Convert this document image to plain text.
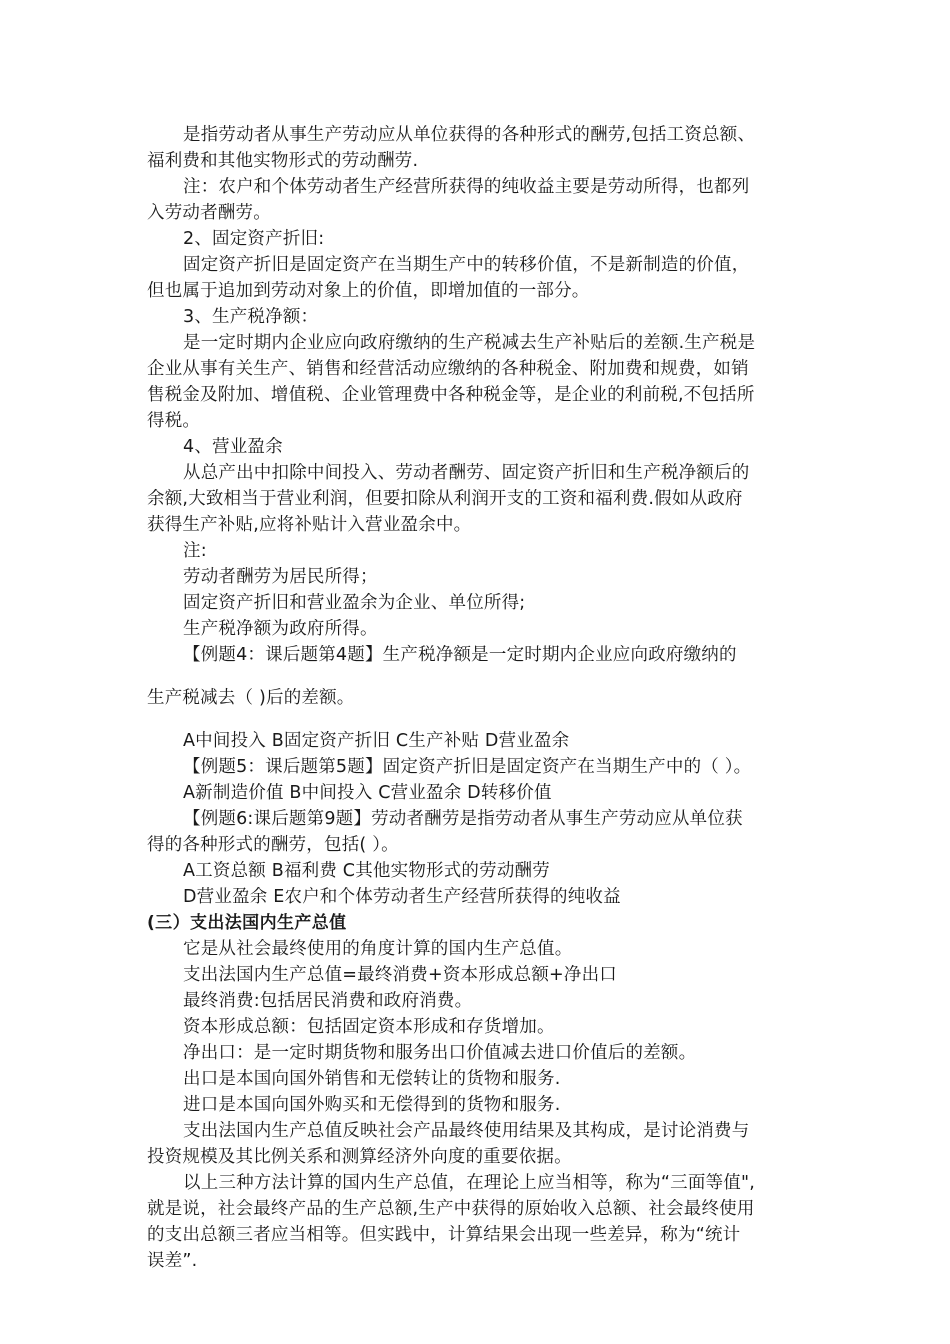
是指劳动者从事生产劳动应从单位获得的各种形式的酬劳,包括工资总额、
福利费和其他实物形式的劳动酬劳.
注：农户和个体劳动者生产经营所获得的纯收益主要是劳动所得，也都列
入劳动者酬劳。
2、固定资产折旧:
固定资产折旧是固定资产在当期生产中的转移价值，不是新制造的价值，
但也属于追加到劳动对象上的价值，即增加值的一部分。
3、生产税净额：
是一定时期内企业应向政府缴纳的生产税减去生产补贴后的差额.生产税是
企业从事有关生产、销售和经营活动应缴纳的各种税金、附加费和规费，如销
售税金及附加、增值税、企业管理费中各种税金等，是企业的利前税,不包括所
得税。
4、营业盈余
从总产出中扣除中间投入、劳动者酬劳、固定资产折旧和生产税净额后的
余额,大致相当于营业利润，但要扣除从利润开支的工资和福利费.假如从政府
获得生产补贴,应将补贴计入营业盈余中。
注:
劳动者酬劳为居民所得；
固定资产折旧和营业盈余为企业、单位所得;
生产税净额为政府所得。
【例题4：课后题第4题】生产税净额是一定时期内企业应向政府缴纳的
生产税减去（ )后的差额。
A中间投入 B固定资产折旧 C生产补贴 D营业盈余
【例题5：课后题第5题】固定资产折旧是固定资产在当期生产中的（ ）。
A新制造价值 B中间投入 C营业盈余 D转移价值
【例题6:课后题第9题】劳动者酬劳是指劳动者从事生产劳动应从单位获
得的各种形式的酬劳，包括( ）。
A工资总额 B福利费 C其他实物形式的劳动酬劳
D营业盈余 E农户和个体劳动者生产经营所获得的纯收益
(三）支出法国内生产总值
它是从社会最终使用的角度计算的国内生产总值。
支出法国内生产总值=最终消费+资本形成总额+净出口
最终消费:包括居民消费和政府消费。
资本形成总额：包括固定资本形成和存货增加。
净出口：是一定时期货物和服务出口价值减去进口价值后的差额。
出口是本国向国外销售和无偿转让的货物和服务.
进口是本国向国外购买和无偿得到的货物和服务.
支出法国内生产总值反映社会产品最终使用结果及其构成，是讨论消费与
投资规模及其比例关系和测算经济外向度的重要依据。
以上三种方法计算的国内生产总值，在理论上应当相等，称为“三面等值",
就是说，社会最终产品的生产总额,生产中获得的原始收入总额、社会最终使用
的支出总额三者应当相等。但实践中，计算结果会出现一些差异，称为“统计
误差”.
